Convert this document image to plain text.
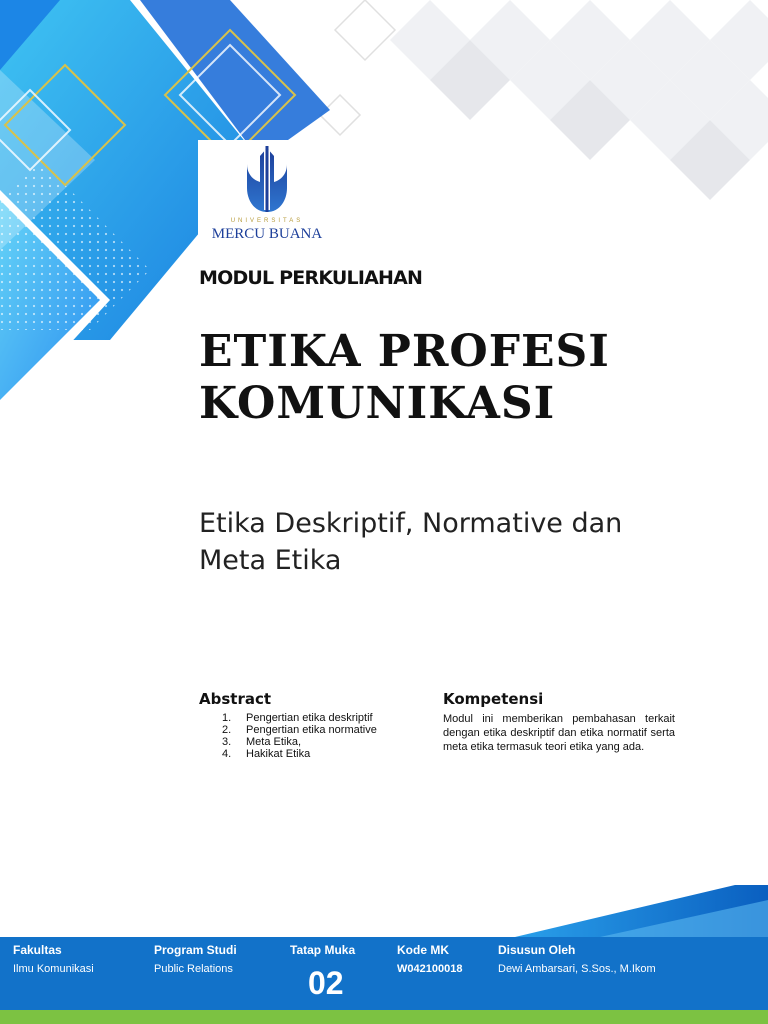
UNIVERSITAS
MERCU BUANA
MODUL PERKULIAHAN
ETIKA PROFESI
KOMUNIKASI
Etika Deskriptif, Normative dan
Meta Etika
Abstract
1. Pengertian etika deskriptif
2. Pengertian etika normative
3. Meta Etika,
4. Hakikat Etika
Kompetensi

Modul ini memberikan pembahasan terkait dengan etika deskriptif dan etika normatif serta meta etika termasuk teori etika yang ada.

Fakultas
Ilmu Komunikasi
Program Studi
Public Relations
Tatap Muka
02
Kode MK
W042100018
Disusun Oleh
Dewi Ambarsari, S.Sos., M.Ikom
